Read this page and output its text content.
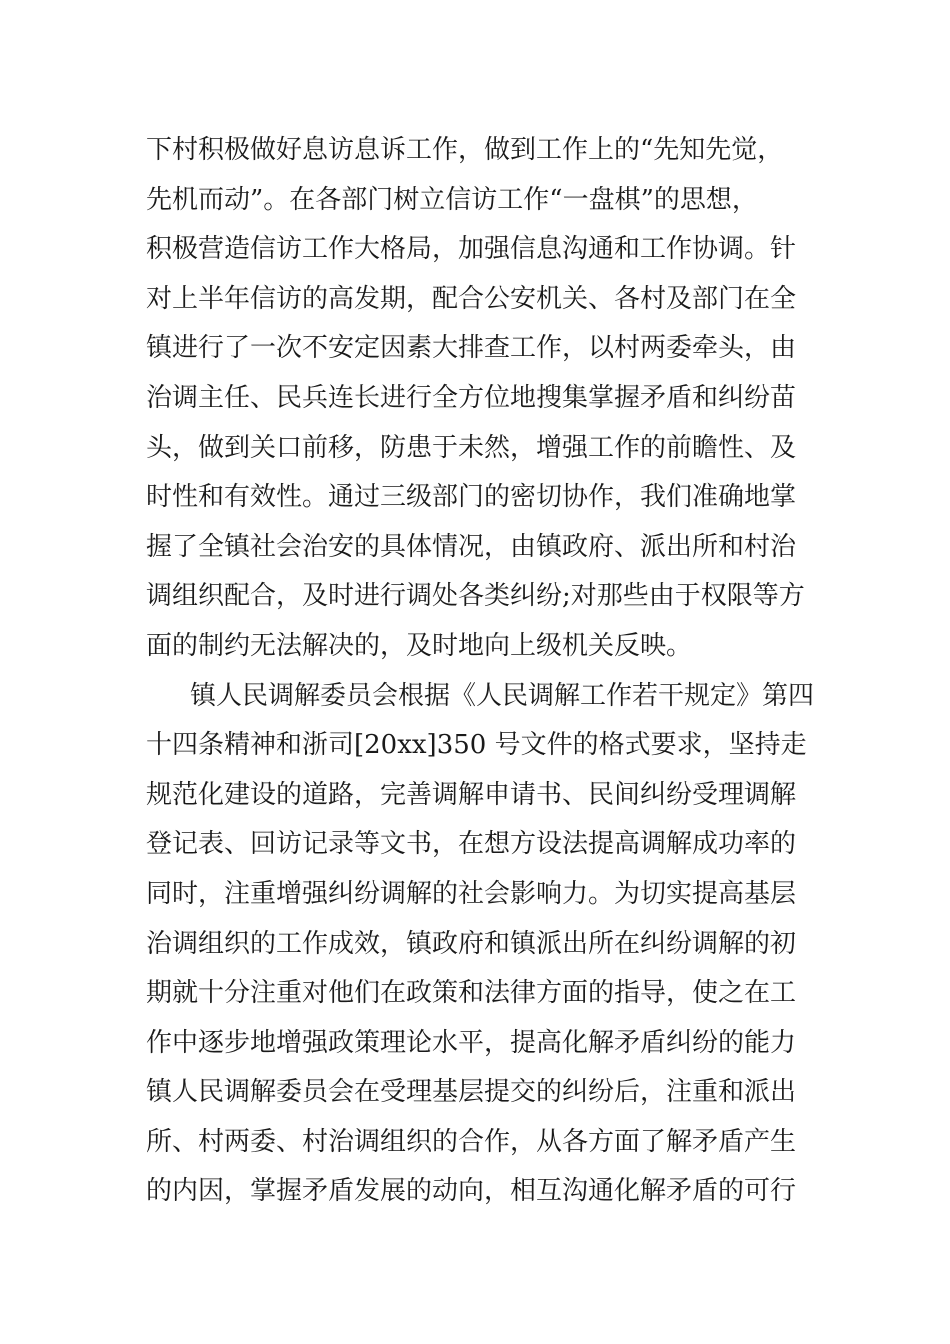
下村积极做好息访息诉工作，做到工作上的“先知先觉，
先机而动”。在各部门树立信访工作“一盘棋”的思想，
积极营造信访工作大格局，加强信息沟通和工作协调。针
对上半年信访的高发期，配合公安机关、各村及部门在全
镇进行了一次不安定因素大排查工作，以村两委牵头，由
治调主任、民兵连长进行全方位地搜集掌握矛盾和纠纷苗
头，做到关口前移，防患于未然，增强工作的前瞻性、及
时性和有效性。通过三级部门的密切协作，我们准确地掌
握了全镇社会治安的具体情况，由镇政府、派出所和村治
调组织配合，及时进行调处各类纠纷;对那些由于权限等方
面的制约无法解决的，及时地向上级机关反映。
镇人民调解委员会根据《人民调解工作若干规定》第四
十四条精神和浙司[20xx]350 号文件的格式要求，坚持走
规范化建设的道路，完善调解申请书、民间纠纷受理调解
登记表、回访记录等文书，在想方设法提高调解成功率的
同时，注重增强纠纷调解的社会影响力。为切实提高基层
治调组织的工作成效，镇政府和镇派出所在纠纷调解的初
期就十分注重对他们在政策和法律方面的指导，使之在工
作中逐步地增强政策理论水平，提高化解矛盾纠纷的能力
镇人民调解委员会在受理基层提交的纠纷后，注重和派出
所、村两委、村治调组织的合作，从各方面了解矛盾产生
的内因，掌握矛盾发展的动向，相互沟通化解矛盾的可行
